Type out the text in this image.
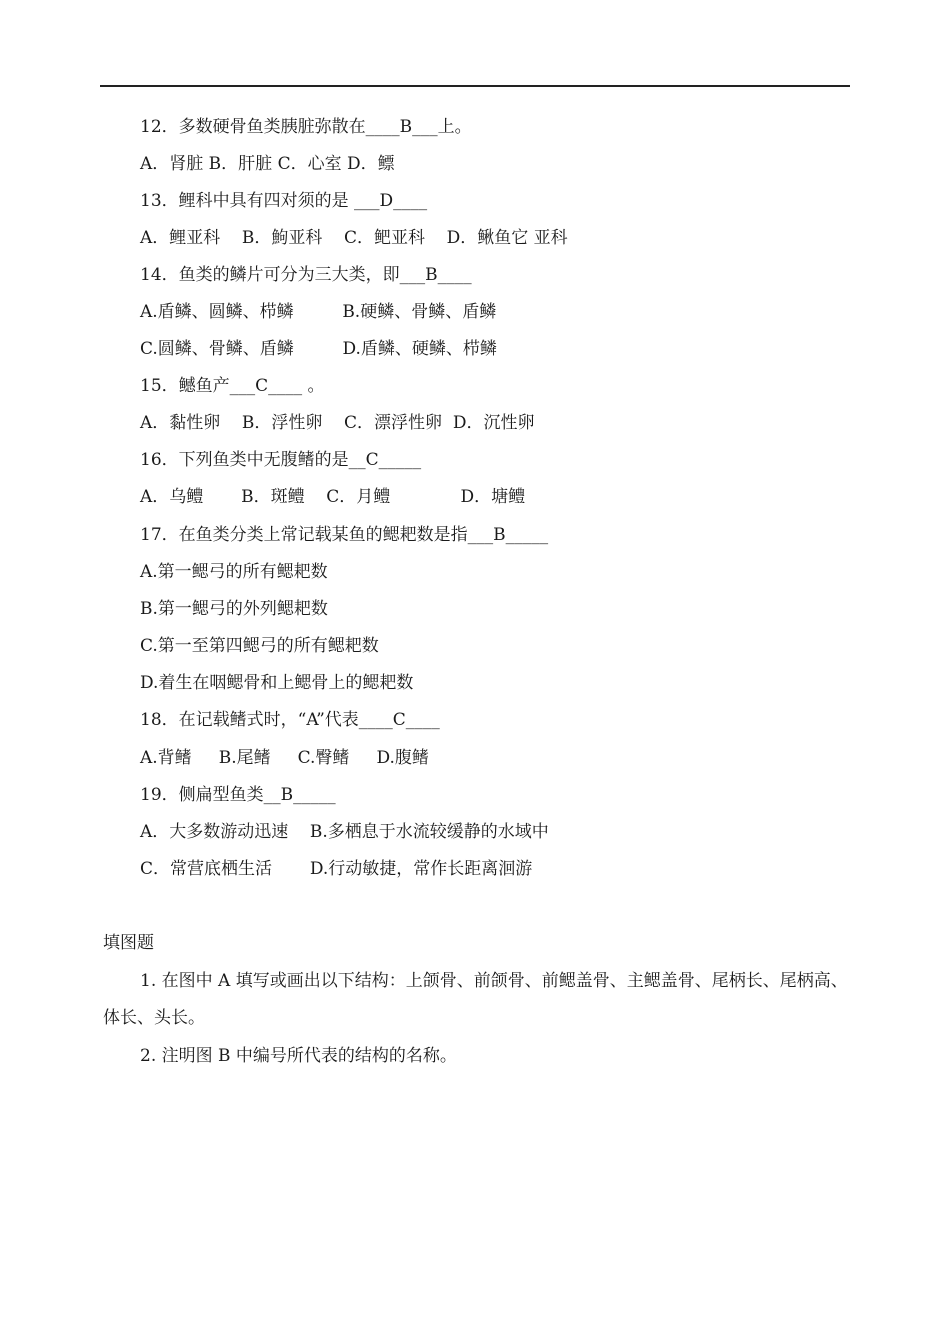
12．多数硬骨鱼类胰脏弥散在____B___上。
A．肾脏 B．肝脏 C．心室 D．鳔
13．鲤科中具有四对须的是 ___D____
A．鲤亚科    B．鮈亚科    C．鲃亚科    D．鳅鱼它 亚科
14．鱼类的鳞片可分为三大类，即___B____
A.盾鳞、圆鳞、栉鳞         B.硬鳞、骨鳞、盾鳞
C.圆鳞、骨鳞、盾鳞         D.盾鳞、硬鳞、栉鳞
15．鳡鱼产___C____ 。
A．黏性卵    B．浮性卵    C．漂浮性卵  D．沉性卵
16．下列鱼类中无腹鳍的是__C_____
A．乌鳢       B．斑鳢    C．月鳢             D．塘鳢
17．在鱼类分类上常记载某鱼的鳃耙数是指___B_____
A.第一鳃弓的所有鳃耙数
B.第一鳃弓的外列鳃耙数
C.第一至第四鳃弓的所有鳃耙数
D.着生在咽鳃骨和上鳃骨上的鳃耙数
18．在记载鳍式时，“A”代表____C____
A.背鳍     B.尾鳍     C.臀鳍     D.腹鳍
19．侧扁型鱼类__B_____
A．大多数游动迅速    B.多栖息于水流较缓静的水域中
C．常营底栖生活       D.行动敏捷，常作长距离洄游
填图题
1. 在图中 A 填写或画出以下结构：上颌骨、前颌骨、前鳃盖骨、主鳃盖骨、尾柄长、尾柄高、体长、头长。
2. 注明图 B 中编号所代表的结构的名称。
